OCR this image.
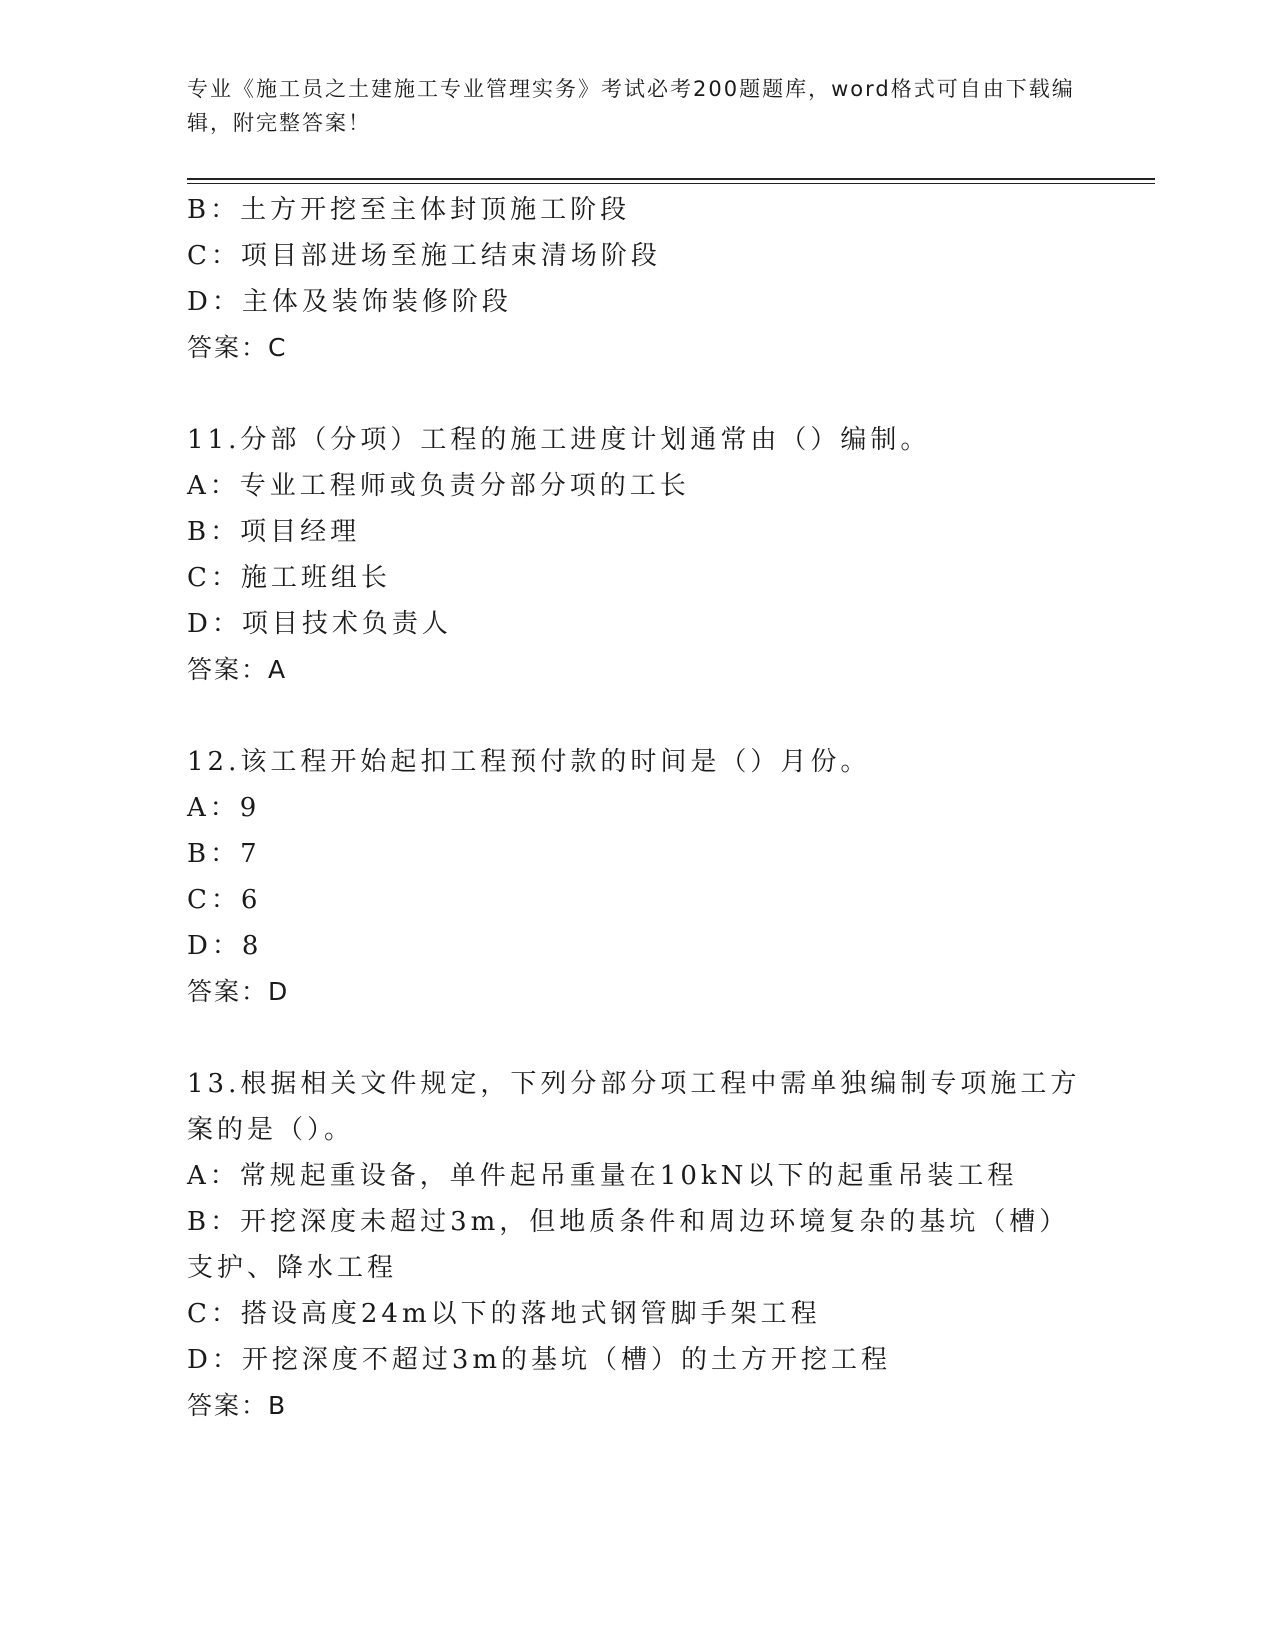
专业《施工员之土建施工专业管理实务》考试必考200题题库，word格式可自由下载编辑，附完整答案！
B：土方开挖至主体封顶施工阶段
C：项目部进场至施工结束清场阶段
D：主体及装饰装修阶段
答案：C
11.分部（分项）工程的施工进度计划通常由（）编制。
A：专业工程师或负责分部分项的工长
B：项目经理
C：施工班组长
D：项目技术负责人
答案：A
12.该工程开始起扣工程预付款的时间是（）月份。
A：9
B：7
C：6
D：8
答案：D
13.根据相关文件规定，下列分部分项工程中需单独编制专项施工方案的是（）。
A：常规起重设备，单件起吊重量在10kN以下的起重吊装工程
B：开挖深度未超过3m，但地质条件和周边环境复杂的基坑（槽）支护、降水工程
C：搭设高度24m以下的落地式钢管脚手架工程
D：开挖深度不超过3m的基坑（槽）的土方开挖工程
答案：B
